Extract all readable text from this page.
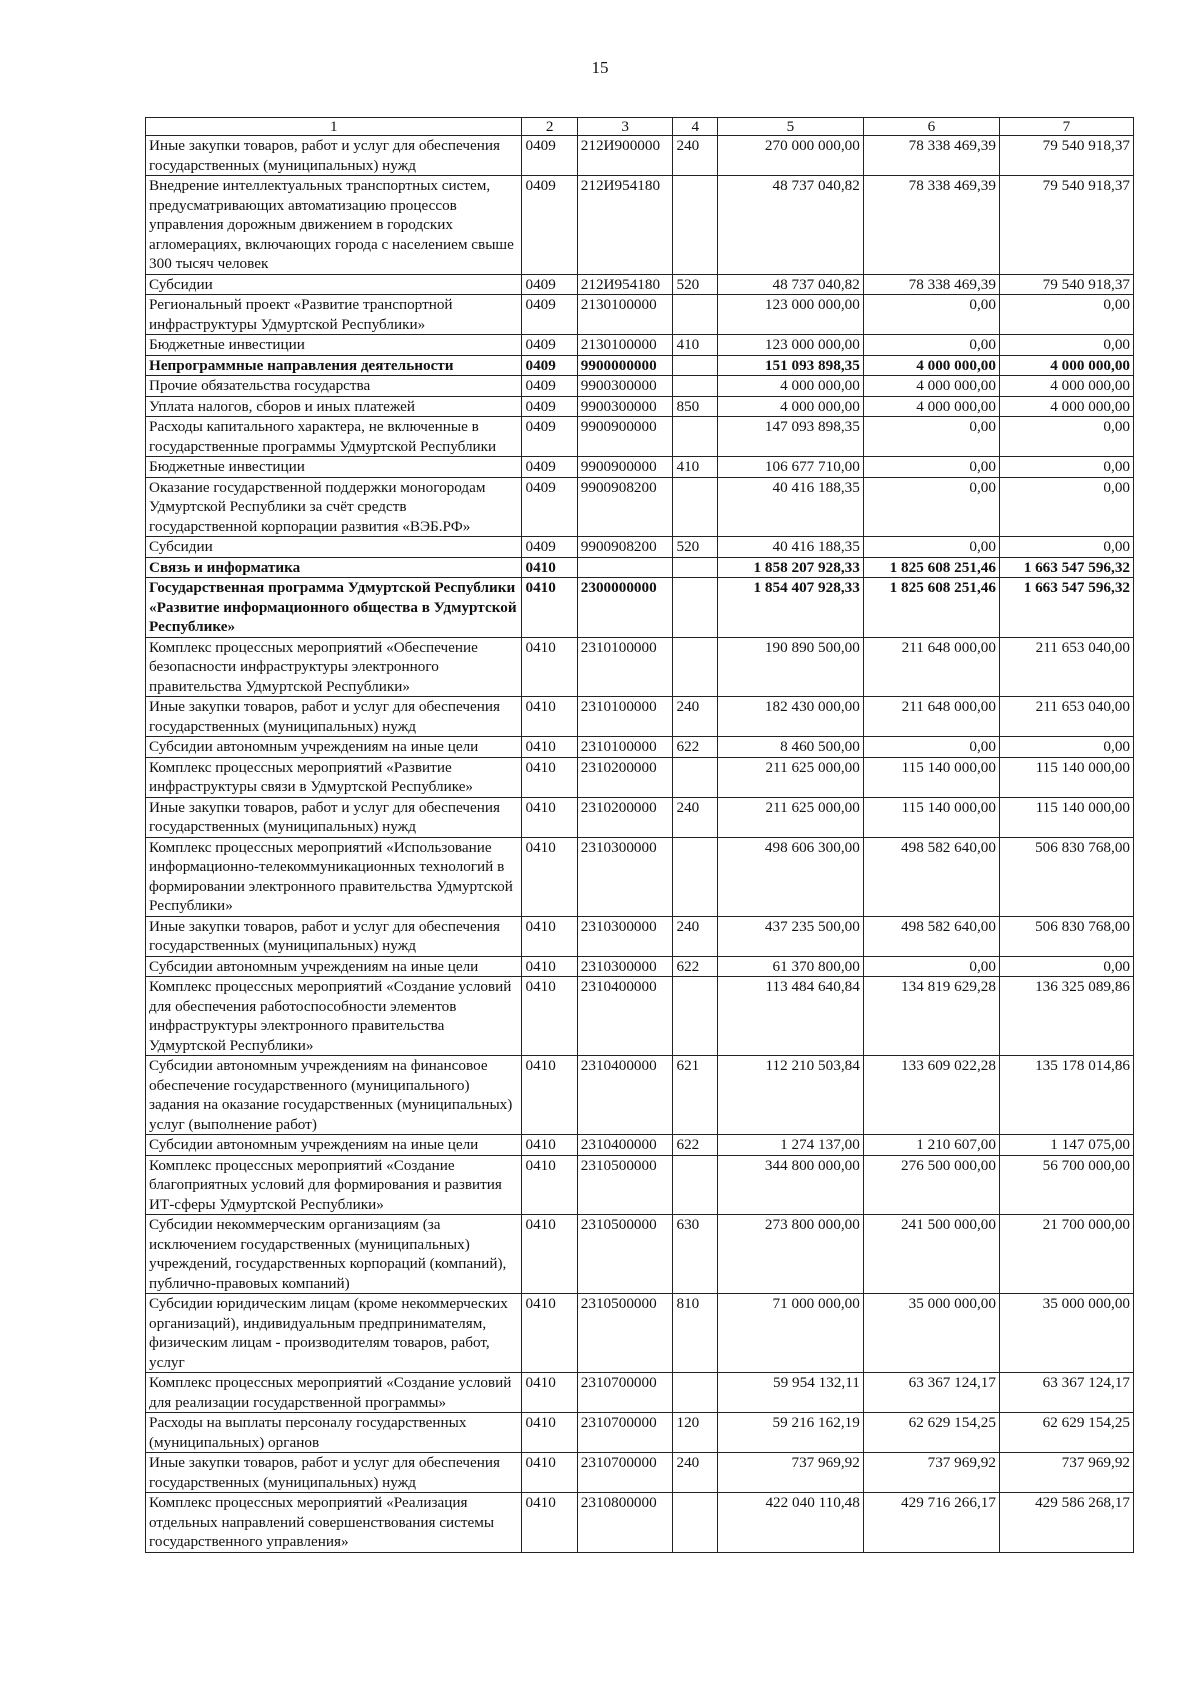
15
1	2	3	4	5	6	7
Иные закупки товаров, работ и услуг для обеспечения государственных (муниципальных) нужд	0409	212И900000	240	270 000 000,00	78 338 469,39	79 540 918,37
Внедрение интеллектуальных транспортных систем, предусматривающих автоматизацию процессов управления дорожным движением в городских агломерациях, включающих города с населением свыше 300 тысяч человек	0409	212И954180		48 737 040,82	78 338 469,39	79 540 918,37
Субсидии	0409	212И954180	520	48 737 040,82	78 338 469,39	79 540 918,37
Региональный проект «Развитие транспортной инфраструктуры Удмуртской Республики»	0409	2130100000		123 000 000,00	0,00	0,00
Бюджетные инвестиции	0409	2130100000	410	123 000 000,00	0,00	0,00
Непрограммные направления деятельности	0409	9900000000		151 093 898,35	4 000 000,00	4 000 000,00
Прочие обязательства государства	0409	9900300000		4 000 000,00	4 000 000,00	4 000 000,00
Уплата налогов, сборов и иных платежей	0409	9900300000	850	4 000 000,00	4 000 000,00	4 000 000,00
Расходы капитального характера, не включенные в государственные программы Удмуртской Республики	0409	9900900000		147 093 898,35	0,00	0,00
Бюджетные инвестиции	0409	9900900000	410	106 677 710,00	0,00	0,00
Оказание государственной поддержки моногородам Удмуртской Республики за счёт средств государственной корпорации развития «ВЭБ.РФ»	0409	9900908200		40 416 188,35	0,00	0,00
Субсидии	0409	9900908200	520	40 416 188,35	0,00	0,00
Связь и информатика	0410			1 858 207 928,33	1 825 608 251,46	1 663 547 596,32
Государственная программа Удмуртской Республики «Развитие информационного общества в Удмуртской Республике»	0410	2300000000		1 854 407 928,33	1 825 608 251,46	1 663 547 596,32
Комплекс процессных мероприятий «Обеспечение безопасности инфраструктуры электронного правительства Удмуртской Республики»	0410	2310100000		190 890 500,00	211 648 000,00	211 653 040,00
Иные закупки товаров, работ и услуг для обеспечения государственных (муниципальных) нужд	0410	2310100000	240	182 430 000,00	211 648 000,00	211 653 040,00
Субсидии автономным учреждениям на иные цели	0410	2310100000	622	8 460 500,00	0,00	0,00
Комплекс процессных мероприятий «Развитие инфраструктуры связи в Удмуртской Республике»	0410	2310200000		211 625 000,00	115 140 000,00	115 140 000,00
Иные закупки товаров, работ и услуг для обеспечения государственных (муниципальных) нужд	0410	2310200000	240	211 625 000,00	115 140 000,00	115 140 000,00
Комплекс процессных мероприятий «Использование информационно-телекоммуникационных технологий в формировании электронного правительства Удмуртской Республики»	0410	2310300000		498 606 300,00	498 582 640,00	506 830 768,00
Иные закупки товаров, работ и услуг для обеспечения государственных (муниципальных) нужд	0410	2310300000	240	437 235 500,00	498 582 640,00	506 830 768,00
Субсидии автономным учреждениям на иные цели	0410	2310300000	622	61 370 800,00	0,00	0,00
Комплекс процессных мероприятий «Создание условий для обеспечения работоспособности элементов инфраструктуры электронного правительства Удмуртской Республики»	0410	2310400000		113 484 640,84	134 819 629,28	136 325 089,86
Субсидии автономным учреждениям на финансовое обеспечение государственного (муниципального) задания на оказание государственных (муниципальных) услуг (выполнение работ)	0410	2310400000	621	112 210 503,84	133 609 022,28	135 178 014,86
Субсидии автономным учреждениям на иные цели	0410	2310400000	622	1 274 137,00	1 210 607,00	1 147 075,00
Комплекс процессных мероприятий «Создание благоприятных условий для формирования и развития ИТ-сферы Удмуртской Республики»	0410	2310500000		344 800 000,00	276 500 000,00	56 700 000,00
Субсидии некоммерческим организациям (за исключением государственных (муниципальных) учреждений, государственных корпораций (компаний), публично-правовых компаний)	0410	2310500000	630	273 800 000,00	241 500 000,00	21 700 000,00
Субсидии юридическим лицам (кроме некоммерческих организаций), индивидуальным предпринимателям, физическим лицам - производителям товаров, работ, услуг	0410	2310500000	810	71 000 000,00	35 000 000,00	35 000 000,00
Комплекс процессных мероприятий «Создание условий для реализации государственной программы»	0410	2310700000		59 954 132,11	63 367 124,17	63 367 124,17
Расходы на выплаты персоналу государственных (муниципальных) органов	0410	2310700000	120	59 216 162,19	62 629 154,25	62 629 154,25
Иные закупки товаров, работ и услуг для обеспечения государственных (муниципальных) нужд	0410	2310700000	240	737 969,92	737 969,92	737 969,92
Комплекс процессных мероприятий «Реализация отдельных направлений совершенствования системы государственного управления»	0410	2310800000		422 040 110,48	429 716 266,17	429 586 268,17
